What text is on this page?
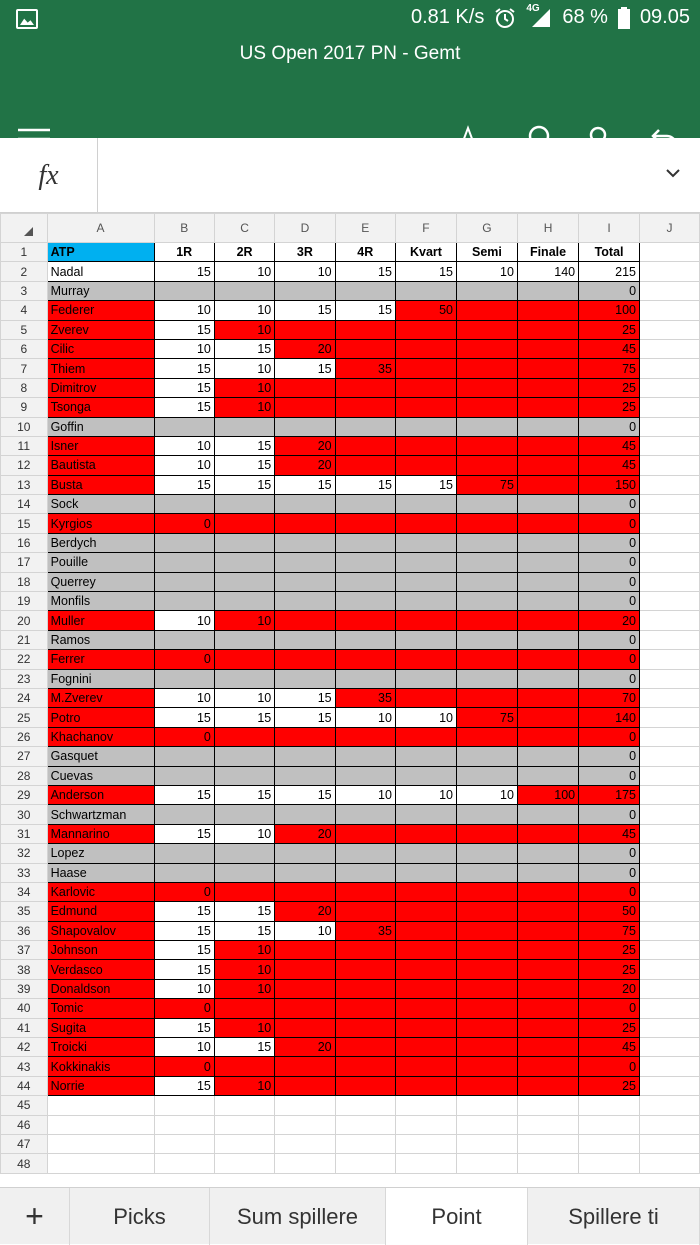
0.81 K/s	4G 68 % 09.05
US Open 2017 PN - Gemt
fx
	A	B	C	D	E	F	G	H	I	J
1	ATP	1R	2R	3R	4R	Kvart	Semi	Finale	Total	
2	Nadal	15	10	10	15	15	10	140	215	
3	Murray								0	
4	Federer	10	10	15	15	50			100	
5	Zverev	15	10						25	
6	Cilic	10	15	20					45	
7	Thiem	15	10	15	35				75	
8	Dimitrov	15	10						25	
9	Tsonga	15	10						25	
10	Goffin								0	
11	Isner	10	15	20					45	
12	Bautista	10	15	20					45	
13	Busta	15	15	15	15	15	75		150	
14	Sock								0	
15	Kyrgios	0							0	
16	Berdych								0	
17	Pouille								0	
18	Querrey								0	
19	Monfils								0	
20	Muller	10	10						20	
21	Ramos								0	
22	Ferrer	0							0	
23	Fognini								0	
24	M.Zverev	10	10	15	35				70	
25	Potro	15	15	15	10	10	75		140	
26	Khachanov	0							0	
27	Gasquet								0	
28	Cuevas								0	
29	Anderson	15	15	15	10	10	10	100	175	
30	Schwartzman								0	
31	Mannarino	15	10	20					45	
32	Lopez								0	
33	Haase								0	
34	Karlovic	0							0	
35	Edmund	15	15	20					50	
36	Shapovalov	15	15	10	35				75	
37	Johnson	15	10						25	
38	Verdasco	15	10						25	
39	Donaldson	10	10						20	
40	Tomic	0							0	
41	Sugita	15	10						25	
42	Troicki	10	15	20					45	
43	Kokkinakis	0							0	
44	Norrie	15	10						25	
45										
46										
47										
48										
+	Picks	Sum spillere	Point	Spillere ti
